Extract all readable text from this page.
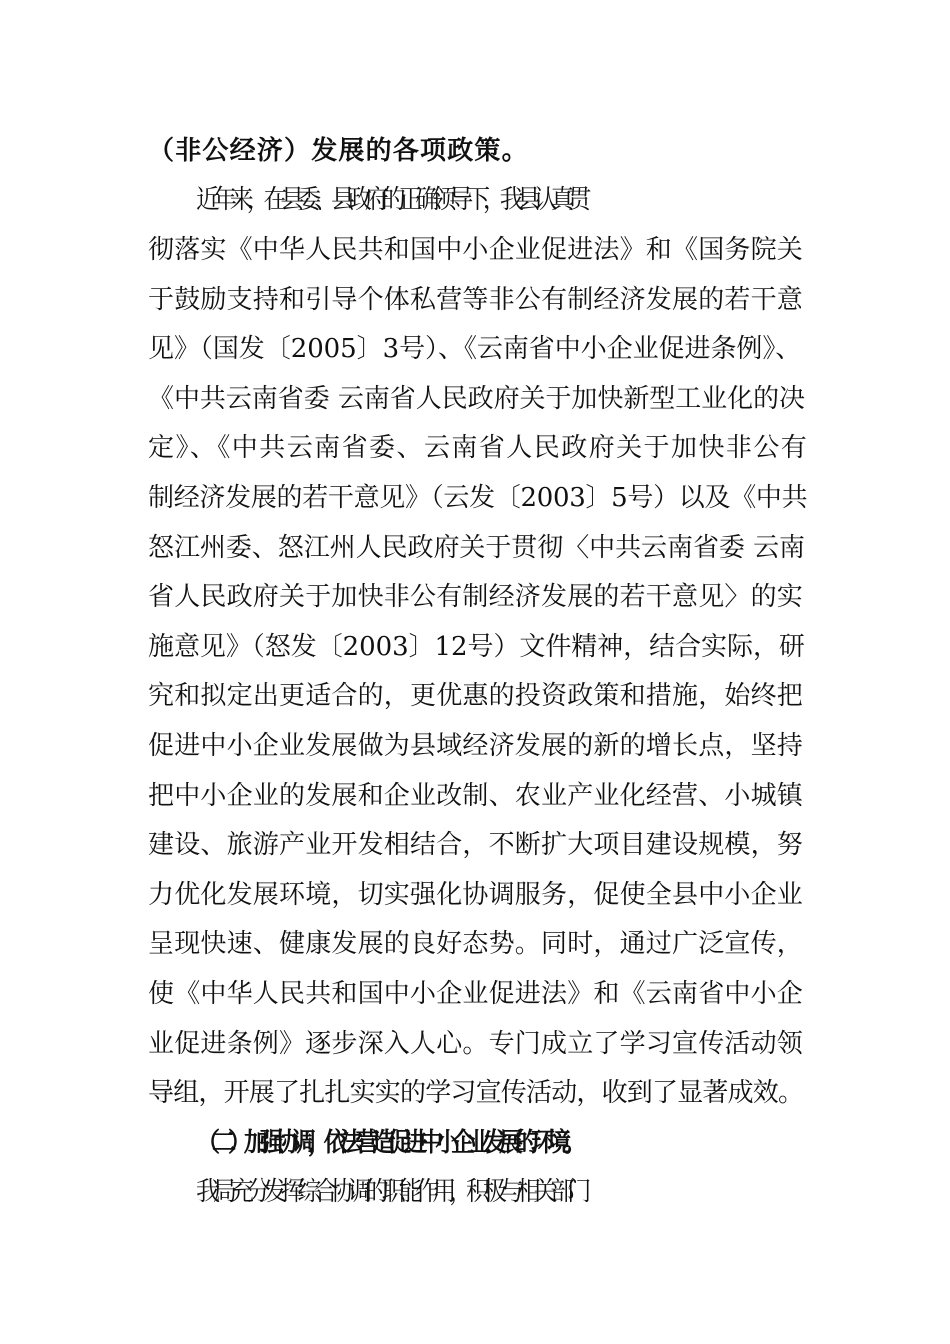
（非公经济）发展的各项政策。
近年来，在县委、县政府的正确领导下，我县认真贯
彻落实《中华人民共和国中小企业促进法》和《国务院关
于鼓励支持和引导个体私营等非公有制经济发展的若干意
见》（国发〔2005〕3号）、《云南省中小企业促进条例》、
《中共云南省委 云南省人民政府关于加快新型工业化的决
定》、《中共云南省委、云南省人民政府关于加快非公有
制经济发展的若干意见》（云发〔2003〕5号）以及《中共
怒江州委、怒江州人民政府关于贯彻〈中共云南省委 云南
省人民政府关于加快非公有制经济发展的若干意见〉的实
施意见》（怒发〔2003〕12号）文件精神，结合实际，研
究和拟定出更适合的，更优惠的投资政策和措施，始终把
促进中小企业发展做为县域经济发展的新的增长点，坚持
把中小企业的发展和企业改制、农业产业化经营、小城镇
建设、旅游产业开发相结合，不断扩大项目建设规模，努
力优化发展环境，切实强化协调服务，促使全县中小企业
呈现快速、健康发展的良好态势。同时，通过广泛宣传，
使《中华人民共和国中小企业促进法》和《云南省中小企
业促进条例》逐步深入人心。专门成立了学习宣传活动领
导组，开展了扎扎实实的学习宣传活动，收到了显著成效。
（二）加强协调，依法营造促进中小企业发展的环境。
我局充分发挥综合协调的职能作用，积极与相关部门
